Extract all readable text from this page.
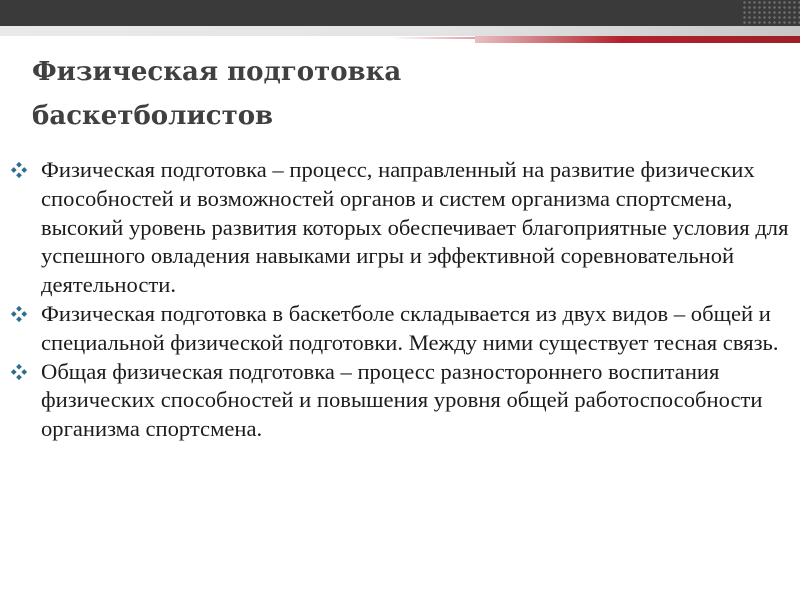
Физическая подготовка
баскетболистов
Физическая подготовка – процесс, направленный на развитие физических способностей и возможностей органов и систем организма спортсмена, высокий уровень развития которых обеспечивает благоприятные условия для успешного овладения навыками игры и эффективной соревновательной деятельности.
Физическая подготовка в баскетболе складывается из двух видов – общей и специальной физической подготовки. Между ними существует тесная связь.
Общая физическая подготовка – процесс разностороннего воспитания физических способностей и повышения уровня общей работоспособности организма спортсмена.
